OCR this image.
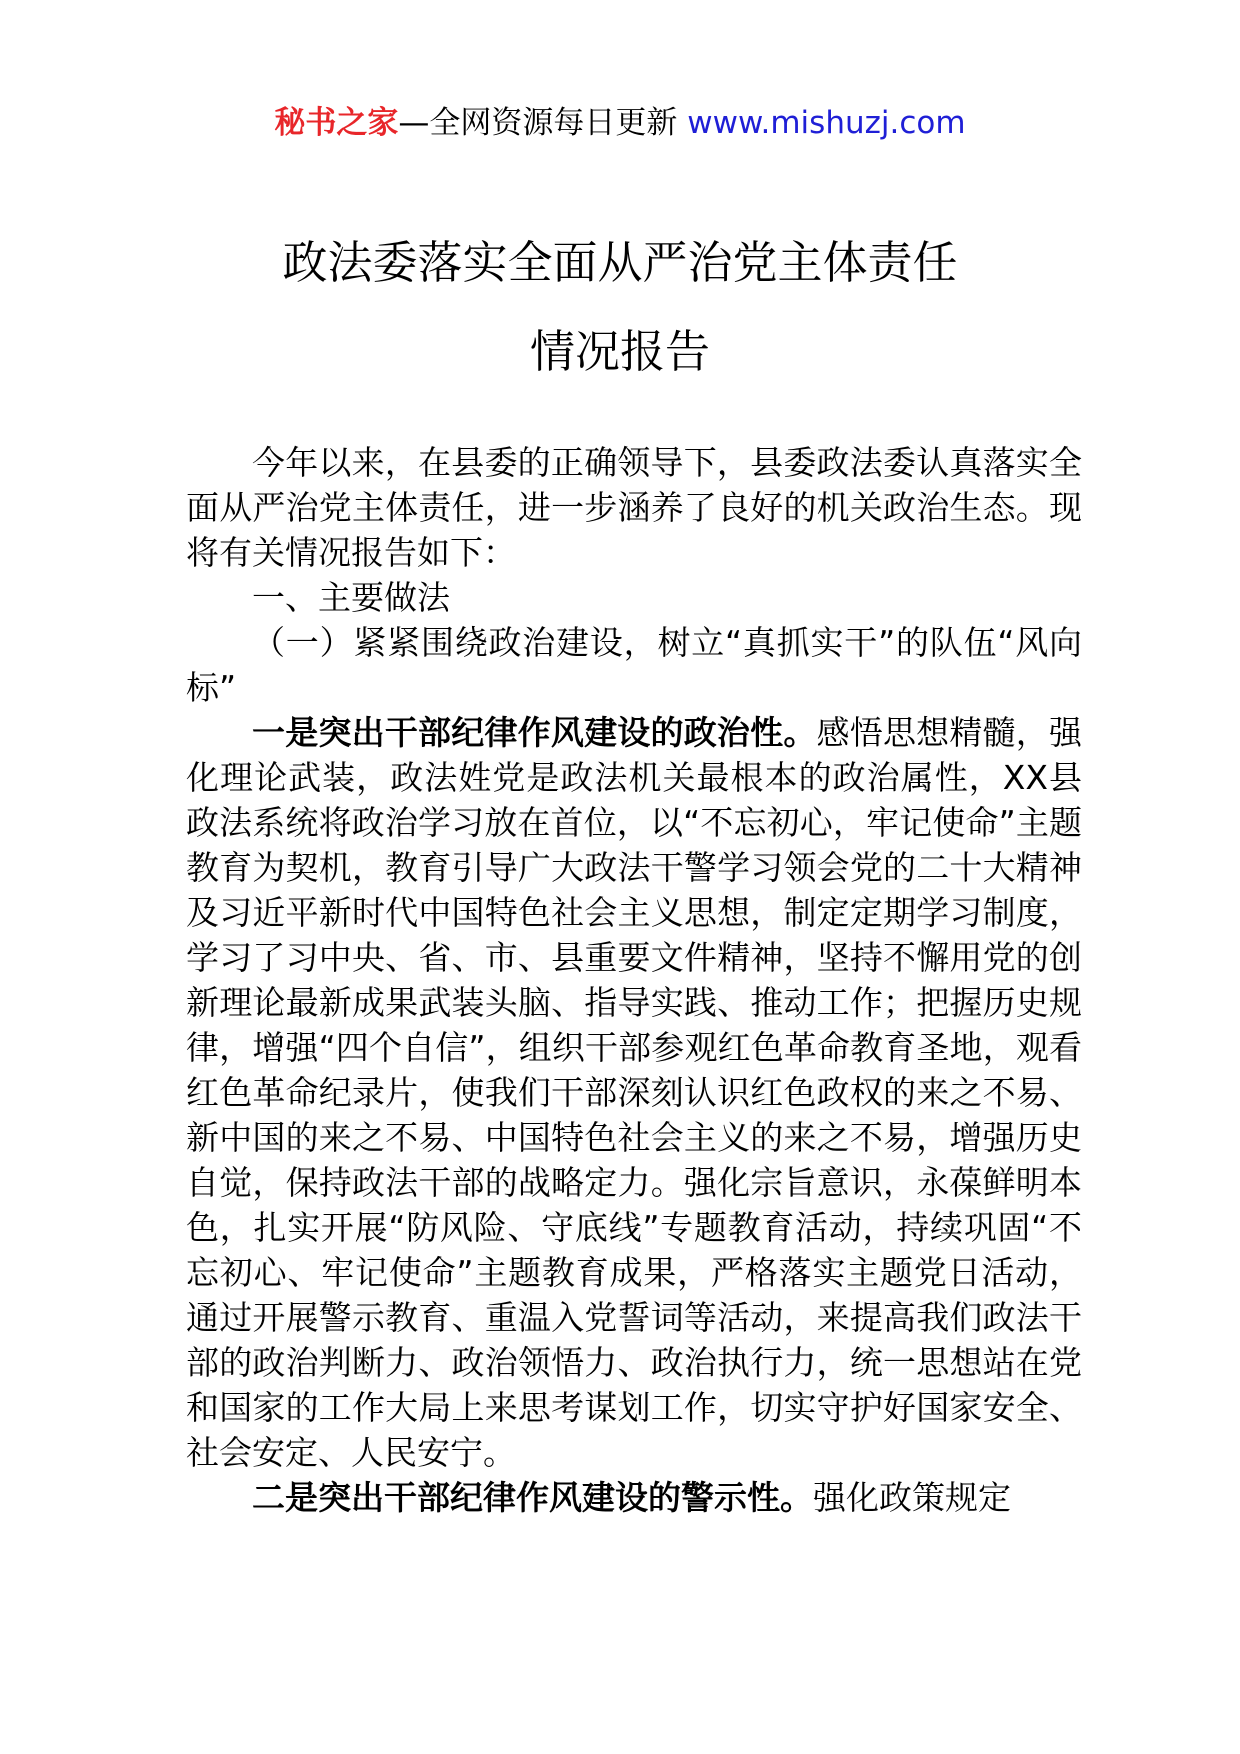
秘书之家—全网资源每日更新 www.mishuzj.com
政法委落实全面从严治党主体责任
情况报告

今年以来，在县委的正确领导下，县委政法委认真落实全面从严治党主体责任，进一步涵养了良好的机关政治生态。现将有关情况报告如下：

一、主要做法

（一）紧紧围绕政治建设，树立“真抓实干”的队伍“风向标”

一是突出干部纪律作风建设的政治性。感悟思想精髓，强化理论武装，政法姓党是政法机关最根本的政治属性，XX县政法系统将政治学习放在首位，以“不忘初心，牢记使命”主题教育为契机，教育引导广大政法干警学习领会党的二十大精神及习近平新时代中国特色社会主义思想，制定定期学习制度，学习了习中央、省、市、县重要文件精神，坚持不懈用党的创新理论最新成果武装头脑、指导实践、推动工作；把握历史规律，增强“四个自信”，组织干部参观红色革命教育圣地，观看红色革命纪录片，使我们干部深刻认识红色政权的来之不易、新中国的来之不易、中国特色社会主义的来之不易，增强历史自觉，保持政法干部的战略定力。强化宗旨意识，永葆鲜明本色，扎实开展“防风险、守底线”专题教育活动，持续巩固“不忘初心、牢记使命”主题教育成果，严格落实主题党日活动，通过开展警示教育、重温入党誓词等活动，来提高我们政法干部的政治判断力、政治领悟力、政治执行力，统一思想站在党和国家的工作大局上来思考谋划工作，切实守护好国家安全、社会安定、人民安宁。

二是突出干部纪律作风建设的警示性。强化政策规定
